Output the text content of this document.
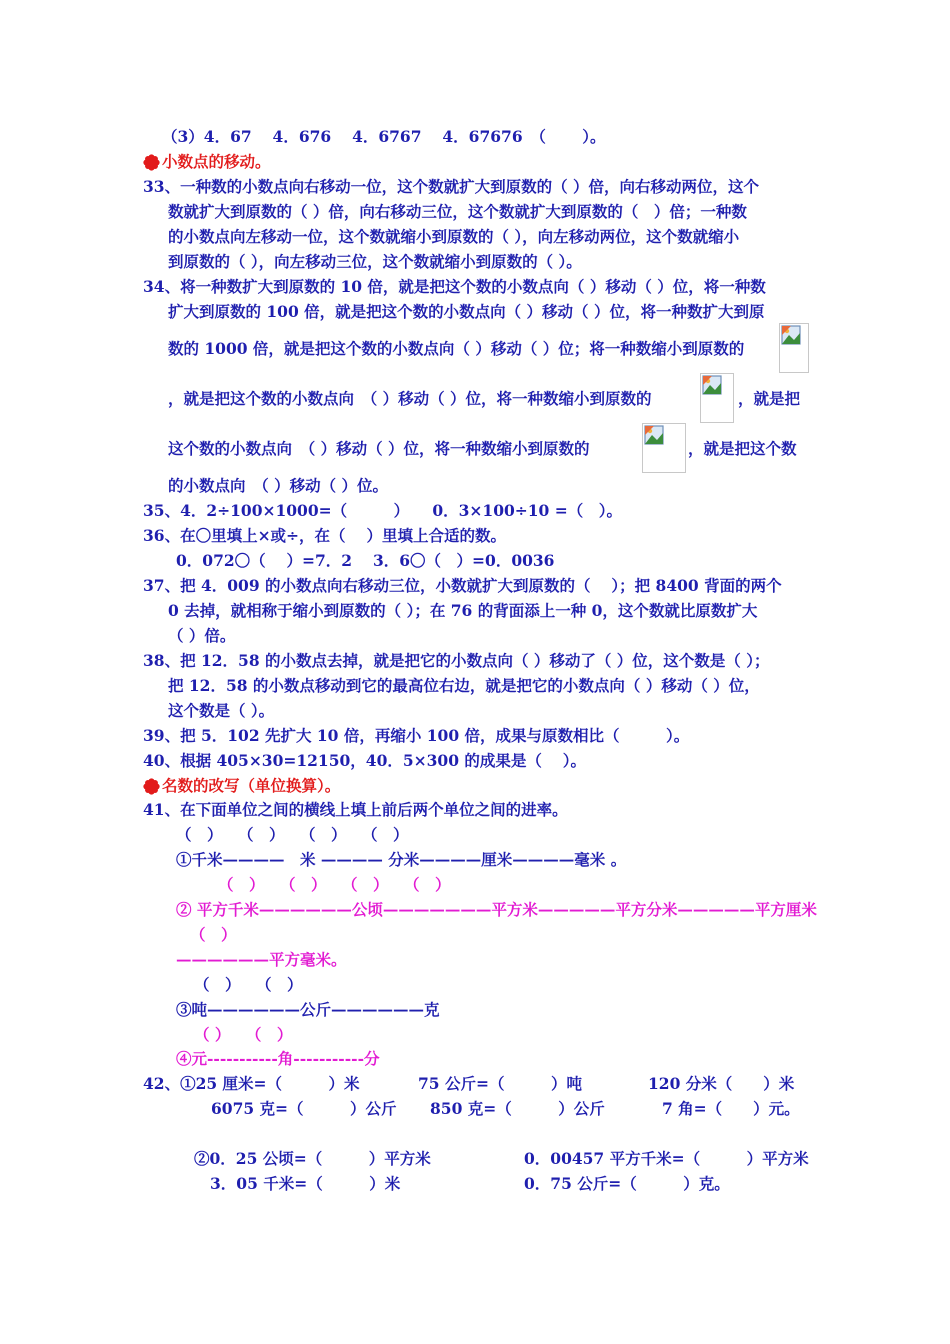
（3）4．67　 4．676　 4．6767　 4．67676　（　　 ）。
小数点的移动。
33、一种数的小数点向右移动一位，这个数就扩大到原数的（ ）倍，向右移动两位，这个
数就扩大到原数的（ ）倍，向右移动三位，这个数就扩大到原数的（　）倍；一种数
的小数点向左移动一位，这个数就缩小到原数的（ ），向左移动两位，这个数就缩小
到原数的（ ），向左移动三位，这个数就缩小到原数的（ ）。
34、将一种数扩大到原数的 10 倍，就是把这个数的小数点向（ ）移动（ ）位，将一种数
扩大到原数的 100 倍，就是把这个数的小数点向（ ）移动（ ）位，将一种数扩大到原
数的 1000 倍，就是把这个数的小数点向（ ）移动（ ）位；将一种数缩小到原数的
，就是把这个数的小数点向　（ ）移动（ ）位，将一种数缩小到原数的	，就是把
这个数的小数点向　（ ）移动（ ）位，将一种数缩小到原数的	，就是把这个数
的小数点向　（ ）移动（ ）位。
35、4．2÷100×1000=（　　　）　　0．3×100÷10 =（　）。
36、在〇里填上×或÷，在（　 ）里填上合适的数。
0．072〇（　 ）=7．2　 3．6〇（　）=0．0036
37、把 4．009 的小数点向右移动三位，小数就扩大到原数的（　 ）；把 8400 背面的两个
0 去掉，就相称于缩小到原数的（ ）；在 76 的背面添上一种 0，这个数就比原数扩大
（ ）倍。
38、把 12．58 的小数点去掉，就是把它的小数点向（ ）移动了（ ）位，这个数是（ ）；
把 12．58 的小数点移动到它的最高位右边，就是把它的小数点向（ ）移动（ ）位，
这个数是（ ）。
39、把 5．102 先扩大 10 倍，再缩小 100 倍，成果与原数相比（　　　）。
40、根据 405×30=12150，40．5×300 的成果是（　 ）。
名数的改写（单位换算）。
41、在下面单位之间的横线上填上前后两个单位之间的进率。
（　）　　（　）　　（　）　　（　）
①千米————　米 ———— 分米————厘米————毫米 。
（　）　　（　）　　（　）　　（　）
② 平方千米——————公顷———————平方米—————平方分米—————平方厘米
（　）
——————平方毫米。
（　）　　（　）
③吨——————公斤——————克
（ ）　　（　）
④元-----------角-----------分
42、①25 厘米=（　　　）米	75 公斤=（　　　）吨	120 分米（　　）米
6075 克=（　　　）公斤 850 克=（　　　）公斤	7 角=（　　）元。
②0．25 公顷=（　　　）平方米	0．00457 平方千米=（　　　）平方米
3．05 千米=（　　　）米	0．75 公斤=（　　　）克。
